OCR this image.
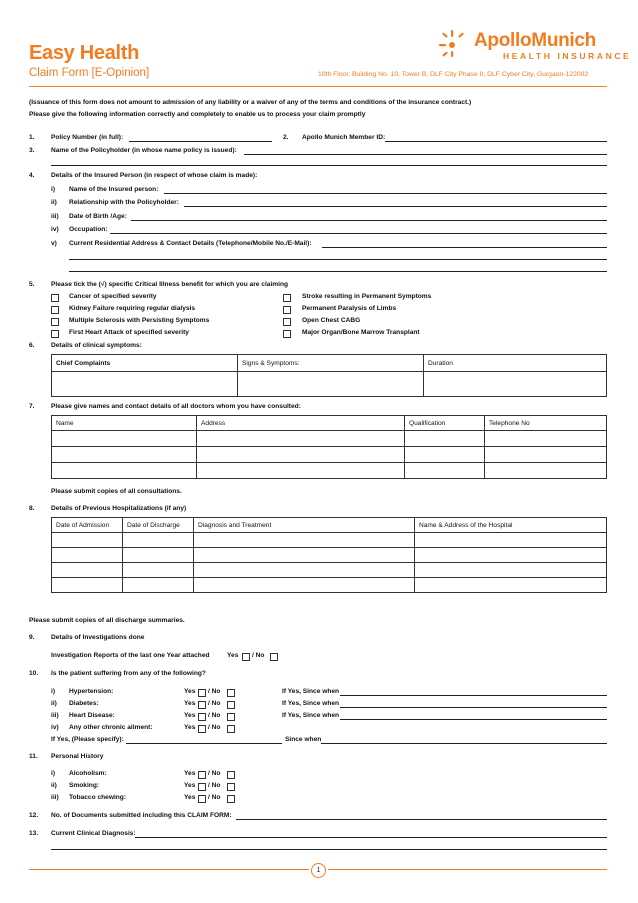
Easy Health
Claim Form [E-Opinion]	10th Floor, Building No. 10, Tower B, DLF City Phase II, DLF Cyber City, Gurgaon-122002
ApolloMunich
HEALTH INSURANCE
(Issuance of this form does not amount to admission of any liability or a waiver of any of the terms and conditions of the insurance contract.)
Please give the following information correctly and completely to enable us to process your claim promptly
1.	Policy Number (in full):	2. Apollo Munich Member ID:
3.	Name of the Policyholder (in whose name policy is issued):
4.	Details of the Insured Person (in respect of whose claim is made):
i) Name of the Insured person:
ii) Relationship with the Policyholder:
iii) Date of Birth /Age:
iv) Occupation:
v) Current Residential Address & Contact Details (Telephone/Mobile No./E-Mail):
5.	Please tick the (√) specific Critical Illness benefit for which you are claiming
Cancer of specified severity
Kidney Failure requiring regular dialysis
Multiple Sclerosis with Persisting Symptoms
First Heart Attack of specified severity
Stroke resulting in Permanent Symptoms
Permanent Paralysis of Limbs
Open Chest CABG
Major Organ/Bone Marrow Transplant
6.	Details of clinical symptoms:
Chief Complaints	Signs & Symptoms:	Duration

7.	Please give names and contact details of all doctors whom you have consulted:
Name	Address	Qualification	Telephone No

Please submit copies of all consultations.
8.	Details of Previous Hospitalizations (if any)
Date of Admission	Date of Discharge	Diagnosis and Treatment	Name & Address of the Hospital

Please submit copies of all discharge summaries.
9.	Details of Investigations done
Investigation Reports of the last one Year attached	Yes / No
10. Is the patient suffering from any of the following?
i) Hypertension:	Yes / No	If Yes, Since when
ii) Diabetes:	Yes / No	If Yes, Since when
iii) Heart Disease:	Yes / No	If Yes, Since when
iv) Any other chronic ailment:	Yes / No
If Yes, (Please specify):	Since when
11. Personal History
i) Alcoholism:	Yes / No
ii) Smoking:	Yes / No
iii) Tobacco chewing:	Yes / No
12. No. of Documents submitted including this CLAIM FORM:
13. Current Clinical Diagnosis:
1
